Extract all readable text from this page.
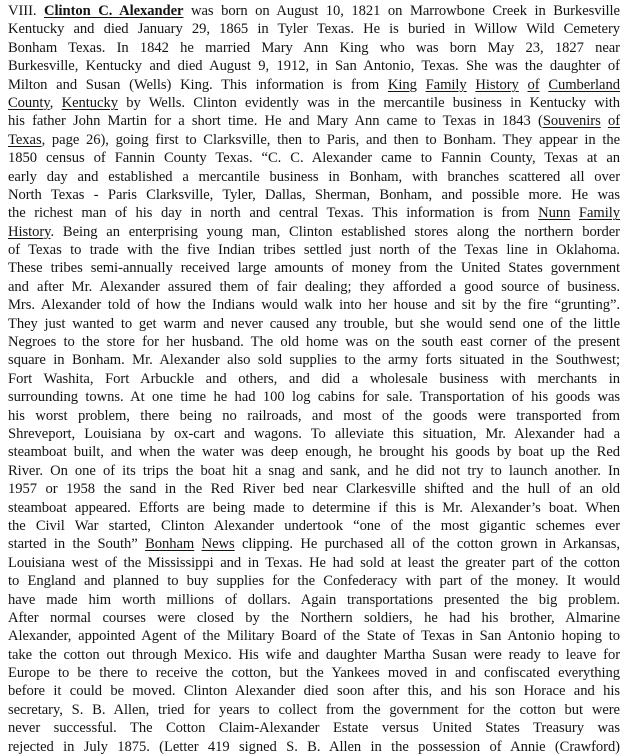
VIII. Clinton C. Alexander was born on August 10, 1821 on Marrowbone Creek in Burkesville
Kentucky and died January 29, 1865 in Tyler Texas. He is buried in Willow Wild Cemetery
Bonham Texas. In 1842 he married Mary Ann King who was born May 23, 1827 near
Burkesville, Kentucky and died August 9, 1912, in San Antonio, Texas. She was the daughter of
Milton and Susan (Wells) King. This information is from King Family History of Cumberland
County, Kentucky by Wells. Clinton evidently was in the mercantile business in Kentucky with
his father John Martin for a short time. He and Mary Ann came to Texas in 1843 (Souvenirs of
Texas, page 26), going first to Clarksville, then to Paris, and then to Bonham. They appear in the
1850 census of Fannin County Texas. “C. C. Alexander came to Fannin County, Texas at an
early day and established a mercantile business in Bonham, with branches scattered all over
North Texas - Paris Clarksville, Tyler, Dallas, Sherman, Bonham, and possible more. He was
the richest man of his day in north and central Texas. This information is from Nunn Family
History. Being an enterprising young man, Clinton established stores along the northern border
of Texas to trade with the five Indian tribes settled just north of the Texas line in Oklahoma.
These tribes semi-annually received large amounts of money from the United States government
and after Mr. Alexander assured them of fair dealing; they afforded a good source of business.
Mrs. Alexander told of how the Indians would walk into her house and sit by the fire “grunting”.
They just wanted to get warm and never caused any trouble, but she would send one of the little
Negroes to the store for her husband. The old home was on the south east corner of the present
square in Bonham. Mr. Alexander also sold supplies to the army forts situated in the Southwest;
Fort Washita, Fort Arbuckle and others, and did a wholesale business with merchants in
surrounding towns. At one time he had 100 log cabins for sale. Transportation of his goods was
his worst problem, there being no railroads, and most of the goods were transported from
Shreveport, Louisiana by ox-cart and wagons. To alleviate this situation, Mr. Alexander had a
steamboat built, and when the water was deep enough, he brought his goods by boat up the Red
River. On one of its trips the boat hit a snag and sank, and he did not try to launch another. In
1957 or 1958 the sand in the Red River bed near Clarkesville shifted and the hull of an old
steamboat appeared. Efforts are being made to determine if this is Mr. Alexander’s boat. When
the Civil War started, Clinton Alexander undertook “one of the most gigantic schemes ever
started in the South” Bonham News clipping. He purchased all of the cotton grown in Arkansas,
Louisiana west of the Mississippi and in Texas. He had sold at least the greater part of the cotton
to England and planned to buy supplies for the Confederacy with part of the money. It would
have made him worth millions of dollars. Again transportations presented the big problem.
After normal courses were closed by the Northern soldiers, he had his brother, Almarine
Alexander, appointed Agent of the Military Board of the State of Texas in San Antonio hoping to
take the cotton out through Mexico. His wife and daughter Martha Susan were ready to leave for
Europe to be there to receive the cotton, but the Yankees moved in and confiscated everything
before it could be moved. Clinton Alexander died soon after this, and his son Horace and his
secretary, S. B. Allen, tried for years to collect from the government for the cotton but were
never successful. The Cotton Claim-Alexander Estate versus United States Treasury was
rejected in July 1875. (Letter 419 signed S. B. Allen in the possession of Annie (Crawford)
